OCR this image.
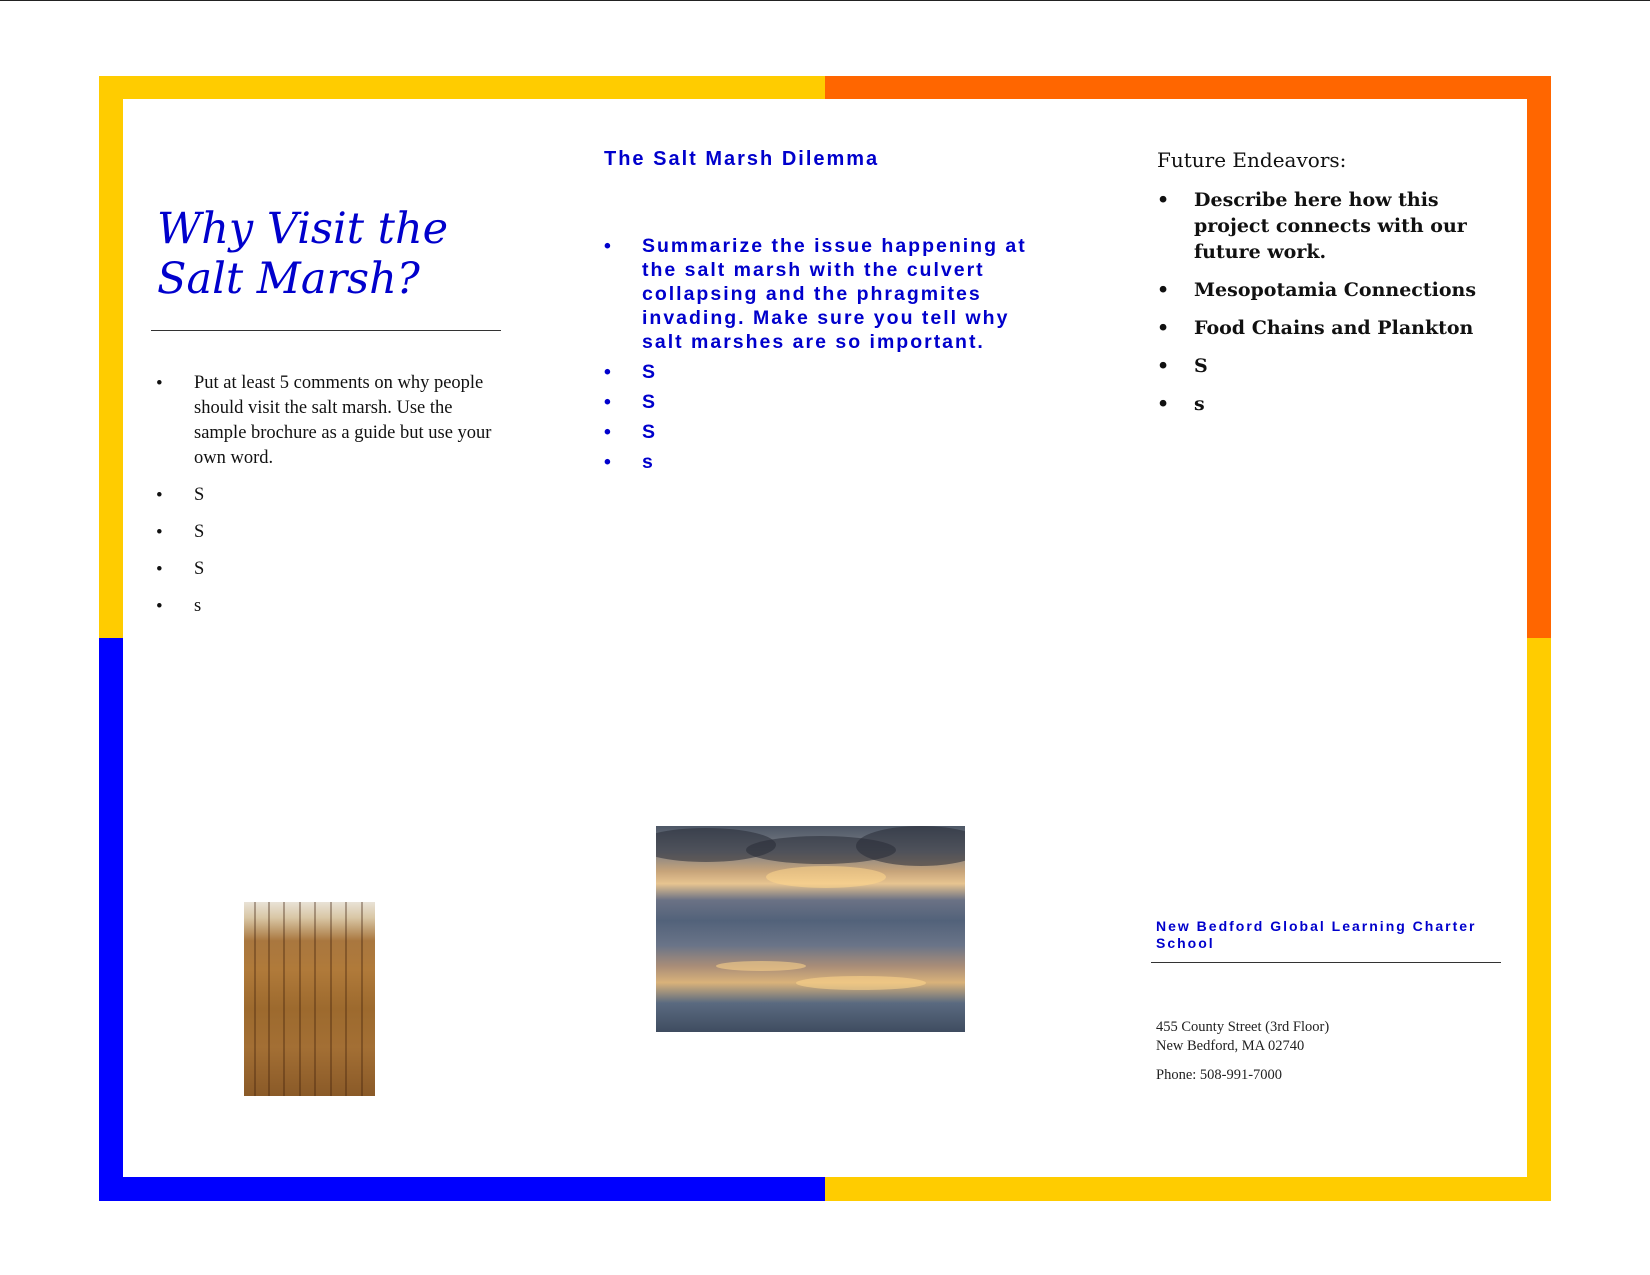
Why Visit the Salt Marsh?
• Put at least 5 comments on why people should visit the salt marsh. Use the sample brochure as a guide but use your own word.
• S
• S
• S
• s
The Salt Marsh Dilemma
• Summarize the issue happening at the salt marsh with the culvert collapsing and the phragmites invading. Make sure you tell why salt marshes are so important.
• S
• S
• S
• s
Future Endeavors:
• Describe here how this project connects with our future work.
• Mesopotamia Connections
• Food Chains and Plankton
• S
• s

New Bedford Global Learning Charter School

455 County Street (3rd Floor)
New Bedford, MA 02740
Phone: 508-991-7000
